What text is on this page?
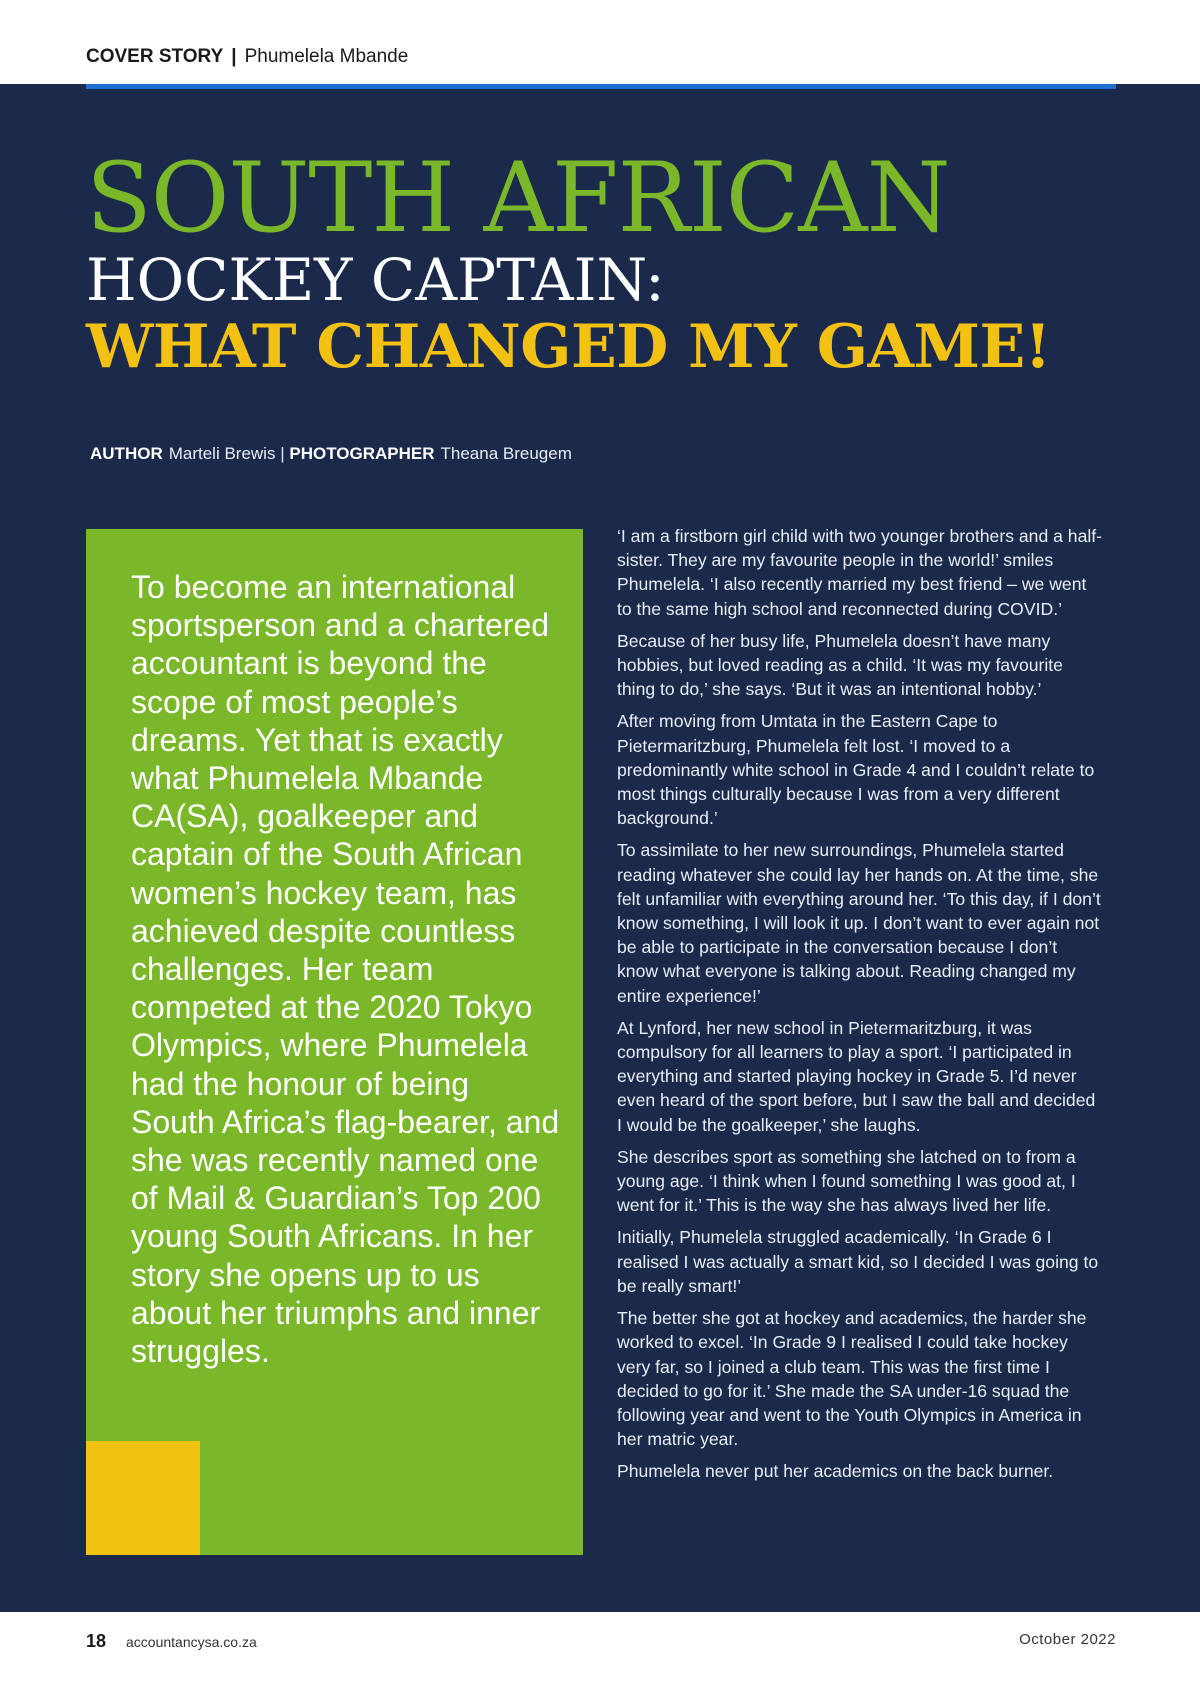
COVER STORY | Phumelela Mbande
SOUTH AFRICAN
HOCKEY CAPTAIN:
WHAT CHANGED MY GAME!
AUTHOR Marteli Brewis | PHOTOGRAPHER Theana Breugem
To become an international sportsperson and a chartered accountant is beyond the scope of most people’s dreams. Yet that is exactly what Phumelela Mbande CA(SA), goalkeeper and captain of the South African women’s hockey team, has achieved despite countless challenges. Her team competed at the 2020 Tokyo Olympics, where Phumelela had the honour of being South Africa’s flag-bearer, and she was recently named one of Mail & Guardian’s Top 200 young South Africans. In her story she opens up to us about her triumphs and inner struggles.

‘I am a firstborn girl child with two younger brothers and a half-sister. They are my favourite people in the world!’ smiles Phumelela. ‘I also recently married my best friend – we went to the same high school and reconnected during COVID.’

Because of her busy life, Phumelela doesn’t have many hobbies, but loved reading as a child. ‘It was my favourite thing to do,’ she says. ‘But it was an intentional hobby.’

After moving from Umtata in the Eastern Cape to Pietermaritzburg, Phumelela felt lost. ‘I moved to a predominantly white school in Grade 4 and I couldn’t relate to most things culturally because I was from a very different background.’

To assimilate to her new surroundings, Phumelela started reading whatever she could lay her hands on. At the time, she felt unfamiliar with everything around her. ‘To this day, if I don’t know something, I will look it up. I don’t want to ever again not be able to participate in the conversation because I don’t know what everyone is talking about. Reading changed my entire experience!’

At Lynford, her new school in Pietermaritzburg, it was compulsory for all learners to play a sport. ‘I participated in everything and started playing hockey in Grade 5. I’d never even heard of the sport before, but I saw the ball and decided I would be the goalkeeper,’ she laughs.

She describes sport as something she latched on to from a young age. ‘I think when I found something I was good at, I went for it.’ This is the way she has always lived her life.

Initially, Phumelela struggled academically. ‘In Grade 6 I realised I was actually a smart kid, so I decided I was going to be really smart!’

The better she got at hockey and academics, the harder she worked to excel. ‘In Grade 9 I realised I could take hockey very far, so I joined a club team. This was the first time I decided to go for it.’ She made the SA under-16 squad the following year and went to the Youth Olympics in America in her matric year.

Phumelela never put her academics on the back burner.

18 accountancysa.co.za	October 2022
